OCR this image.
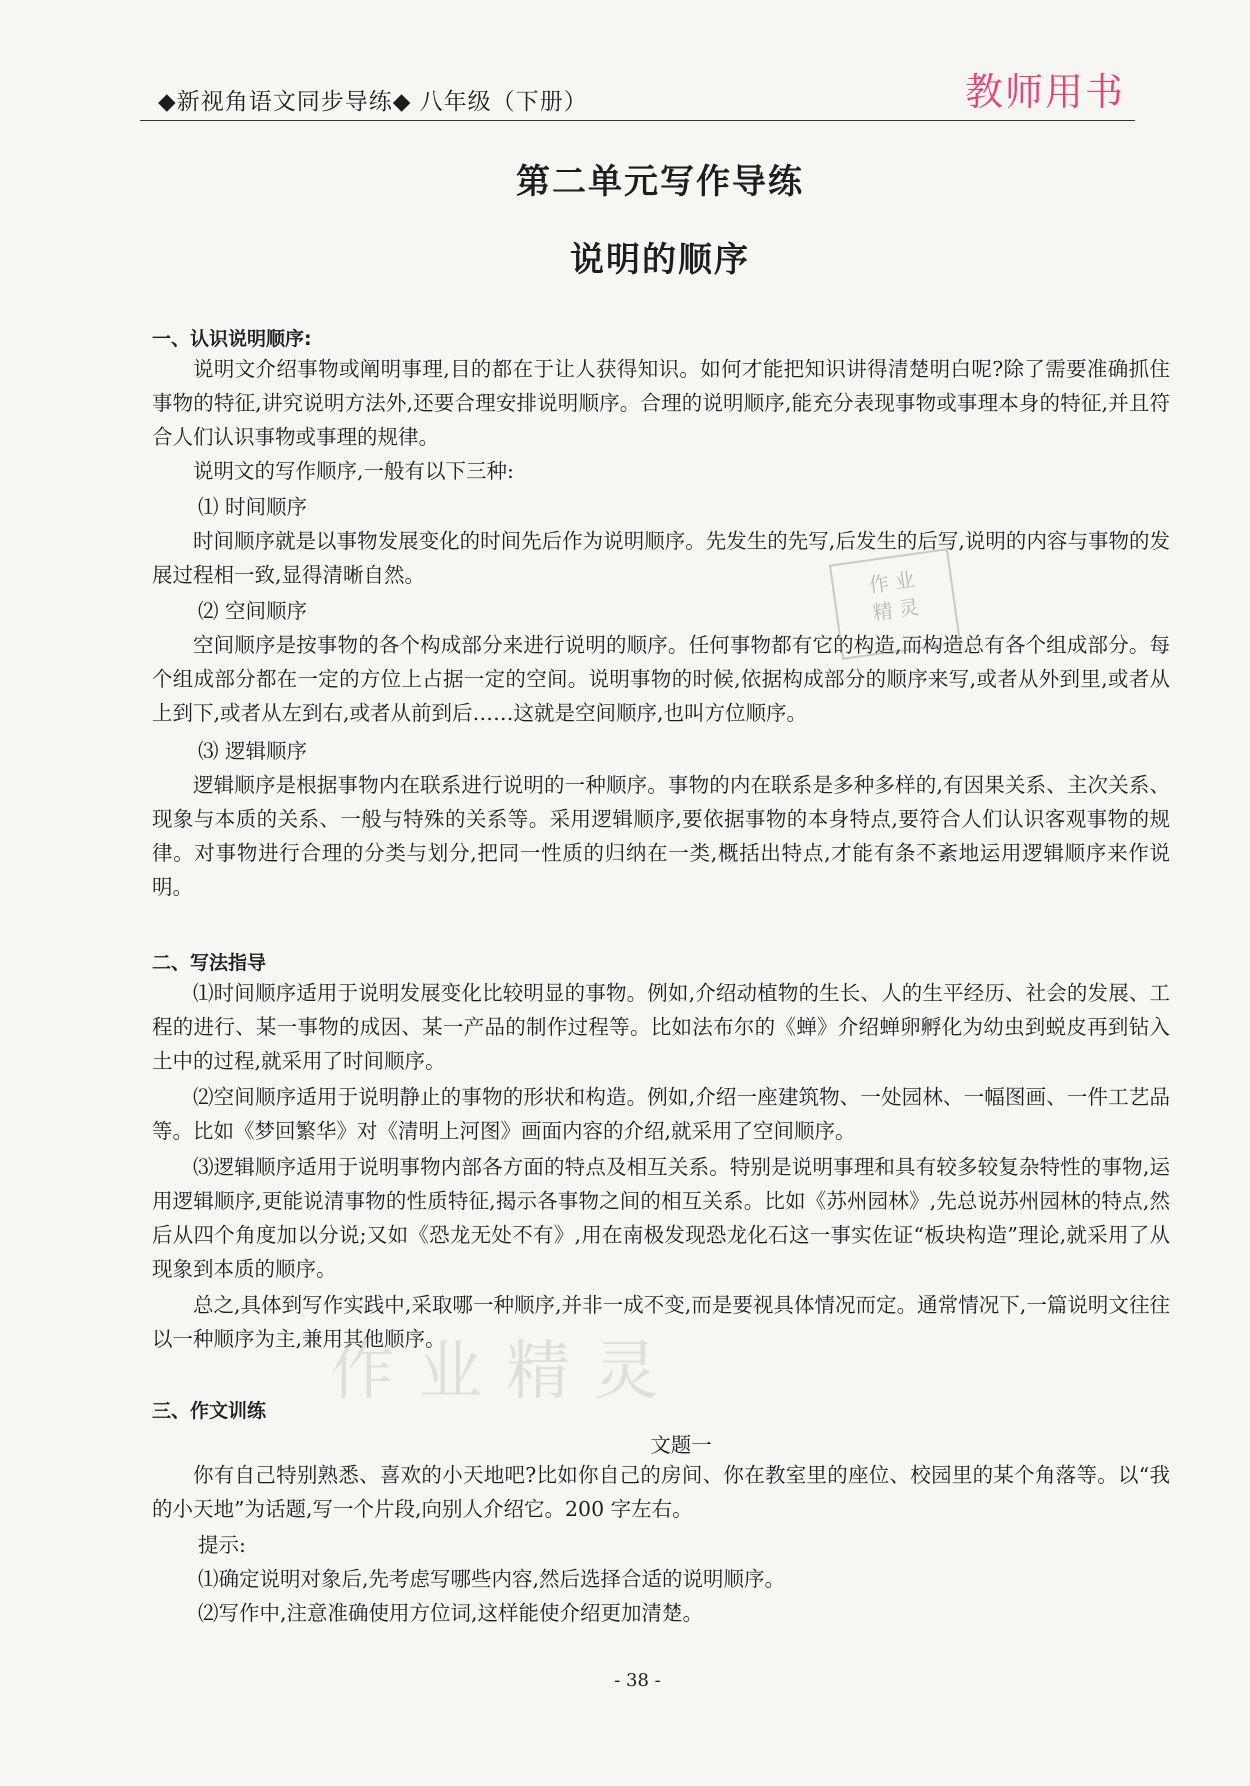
◆新视角语文同步导练◆ 八年级（下册）	教师用书
第二单元写作导练
说明的顺序
一、认识说明顺序:

说明文介绍事物或阐明事理,目的都在于让人获得知识。如何才能把知识讲得清楚明白呢?除了需要准确抓住事物的特征,讲究说明方法外,还要合理安排说明顺序。合理的说明顺序,能充分表现事物或事理本身的特征,并且符合人们认识事物或事理的规律。

说明文的写作顺序,一般有以下三种:

⑴ 时间顺序

时间顺序就是以事物发展变化的时间先后作为说明顺序。先发生的先写,后发生的后写,说明的内容与事物的发展过程相一致,显得清晰自然。

⑵ 空间顺序

空间顺序是按事物的各个构成部分来进行说明的顺序。任何事物都有它的构造,而构造总有各个组成部分。每个组成部分都在一定的方位上占据一定的空间。说明事物的时候,依据构成部分的顺序来写,或者从外到里,或者从上到下,或者从左到右,或者从前到后……这就是空间顺序,也叫方位顺序。

⑶ 逻辑顺序

逻辑顺序是根据事物内在联系进行说明的一种顺序。事物的内在联系是多种多样的,有因果关系、主次关系、现象与本质的关系、一般与特殊的关系等。采用逻辑顺序,要依据事物的本身特点,要符合人们认识客观事物的规律。对事物进行合理的分类与划分,把同一性质的归纳在一类,概括出特点,才能有条不紊地运用逻辑顺序来作说明。

二、写法指导

⑴时间顺序适用于说明发展变化比较明显的事物。例如,介绍动植物的生长、人的生平经历、社会的发展、工程的进行、某一事物的成因、某一产品的制作过程等。比如法布尔的《蝉》介绍蝉卵孵化为幼虫到蜕皮再到钻入土中的过程,就采用了时间顺序。

⑵空间顺序适用于说明静止的事物的形状和构造。例如,介绍一座建筑物、一处园林、一幅图画、一件工艺品等。比如《梦回繁华》对《清明上河图》画面内容的介绍,就采用了空间顺序。

⑶逻辑顺序适用于说明事物内部各方面的特点及相互关系。特别是说明事理和具有较多较复杂特性的事物,运用逻辑顺序,更能说清事物的性质特征,揭示各事物之间的相互关系。比如《苏州园林》,先总说苏州园林的特点,然后从四个角度加以分说;又如《恐龙无处不有》,用在南极发现恐龙化石这一事实佐证“板块构造”理论,就采用了从现象到本质的顺序。

总之,具体到写作实践中,采取哪一种顺序,并非一成不变,而是要视具体情况而定。通常情况下,一篇说明文往往以一种顺序为主,兼用其他顺序。

三、作文训练
文题一

你有自己特别熟悉、喜欢的小天地吧?比如你自己的房间、你在教室里的座位、校园里的某个角落等。以“我的小天地”为话题,写一个片段,向别人介绍它。200 字左右。

提示:
⑴确定说明对象后,先考虑写哪些内容,然后选择合适的说明顺序。
⑵写作中,注意准确使用方位词,这样能使介绍更加清楚。
作 业
精 灵
作业精灵
- 38 -
